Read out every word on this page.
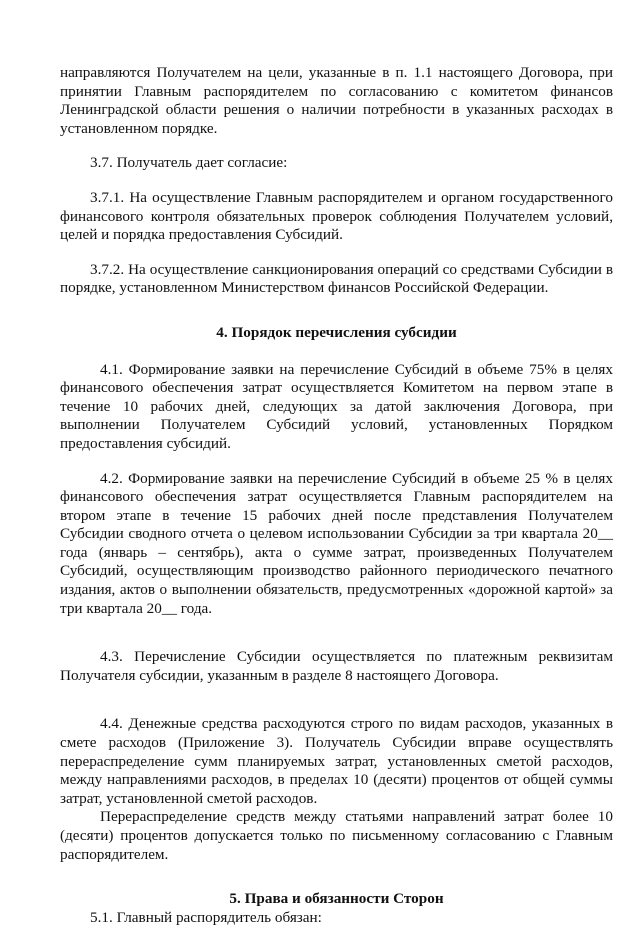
направляются Получателем на цели, указанные в п. 1.1 настоящего Договора, при принятии Главным распорядителем по согласованию с комитетом финансов Ленинградской области решения о наличии потребности в указанных расходах в установленном порядке.

3.7. Получатель дает согласие:

3.7.1. На осуществление Главным распорядителем и органом государственного финансового контроля обязательных проверок соблюдения Получателем условий, целей и порядка предоставления Субсидий.

3.7.2. На осуществление санкционирования операций со средствами Субсидии в порядке, установленном Министерством финансов Российской Федерации.

4. Порядок перечисления субсидии

4.1. Формирование заявки на перечисление Субсидий в объеме 75% в целях финансового обеспечения затрат осуществляется Комитетом на первом этапе в течение 10 рабочих дней, следующих за датой заключения Договора, при выполнении Получателем Субсидий условий, установленных Порядком предоставления субсидий.

4.2. Формирование заявки на перечисление Субсидий в объеме 25 % в целях финансового обеспечения затрат осуществляется Главным распорядителем на втором этапе в течение 15 рабочих дней после представления Получателем Субсидии сводного отчета о целевом использовании Субсидии за три квартала 20__ года (январь – сентябрь), акта о сумме затрат, произведенных Получателем Субсидий, осуществляющим производство районного периодического печатного издания, актов о выполнении обязательств, предусмотренных «дорожной картой» за три квартала 20__ года.

4.3. Перечисление Субсидии осуществляется по платежным реквизитам Получателя субсидии, указанным в разделе 8 настоящего Договора.

4.4. Денежные средства расходуются строго по видам расходов, указанных в смете расходов (Приложение 3). Получатель Субсидии вправе осуществлять перераспределение сумм планируемых затрат, установленных сметой расходов, между направлениями расходов, в пределах 10 (десяти) процентов от общей суммы затрат, установленной сметой расходов.

Перераспределение средств между статьями направлений затрат более 10 (десяти) процентов допускается только по письменному согласованию с Главным распорядителем.

5. Права и обязанности Сторон

5.1. Главный распорядитель обязан:
